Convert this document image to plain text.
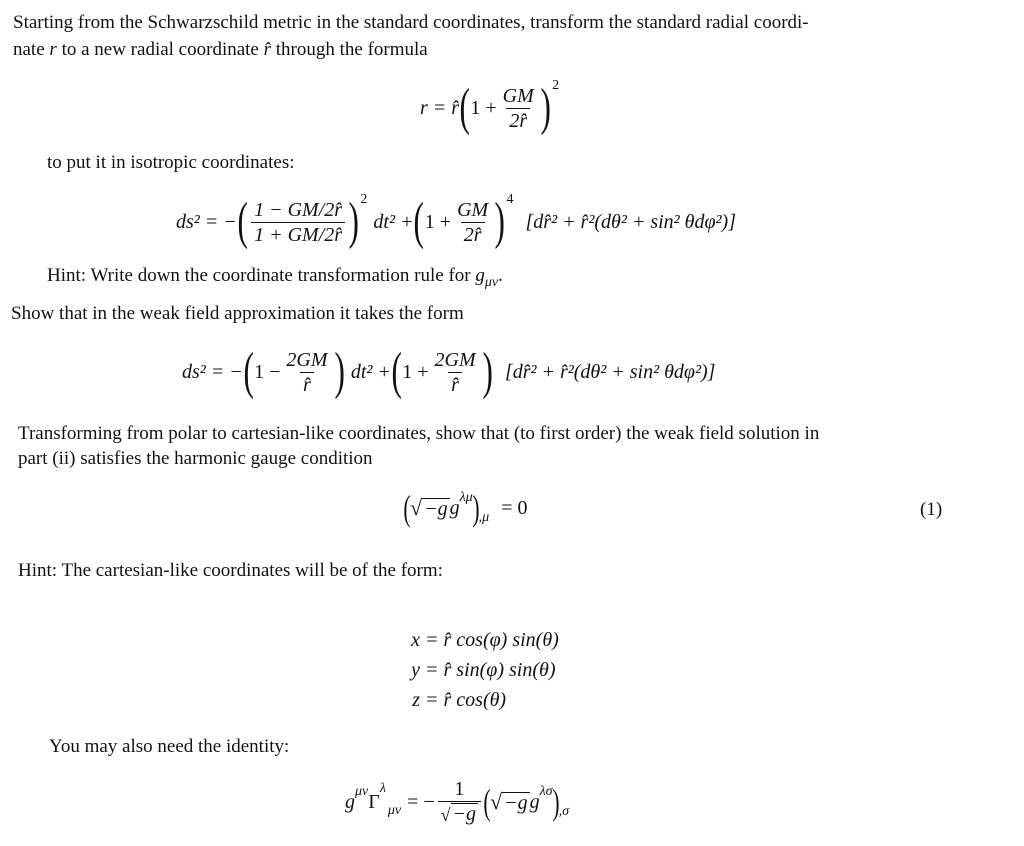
Starting from the Schwarzschild metric in the standard coordinates, transform the standard radial coordi-
nate r to a new radial coordinate r̂ through the formula
r = r̂ ( $1 + \frac{GM}{2r̂}$ ) 2
to put it in isotropic coordinates:
ds² = − ( $\frac{1 - GM/2r̂}{1 + GM/2r̂}$ ) 2
dt² + ( $1 + \frac{GM}{2r̂}$ ) 4
[dr̂² + r̂²(dθ² + sin² θdφ²)]
Hint: Write down the coordinate transformation rule for $g_{\mu\nu}$.
Show that in the weak field approximation it takes the form
ds² = − ( $1 - \frac{2GM}{r̂}$ ) dt² + ( $1 + \frac{2GM}{r̂}$ ) [dr̂² + r̂²(dθ² + sin² θdφ²)]
Transforming from polar to cartesian-like coordinates, show that (to first order) the weak field solution in
part (ii) satisfies the harmonic gauge condition
( √ −g g λμ ) ,μ = 0	(1)
Hint: The cartesian-like coordinates will be of the form:
x
= r̂ cos(φ) sin(θ)
y
= r̂ sin(φ) sin(θ)
z
= r̂ cos(θ)
You may also need the identity:
g μν Γ
λ
μν = − $\frac{1}{√ -g}$ ( √ −g g λσ ) ,σ
